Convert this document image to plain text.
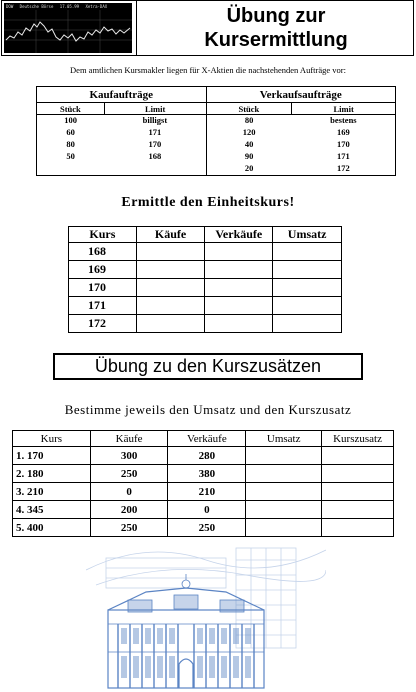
DOW Deutsche Börse 17.05.99 Xetra-DAX	Übung zur
Kursermittlung
Dem amtlichen Kursmakler liegen für X-Aktien die nachstehenden Aufträge vor:
Kaufaufträge		Verkaufsaufträge	
Stück	Limit	Stück	Limit
100	billigst	80	bestens
60	171	120	169
80	170	40	170
50	168	90	171
		20	172
Ermittle den Einheitskurs!
Kurs	Käufe	Verkäufe	Umsatz
168			
169			
170			
171			
172			
Übung zu den Kurszusätzen
Bestimme jeweils den Umsatz und den Kurszusatz
Kurs	Käufe	Verkäufe	Umsatz	Kurszusatz
1. 170	300	280		
2. 180	250	380		
3. 210	0	210		
4. 345	200	0		
5. 400	250	250		
